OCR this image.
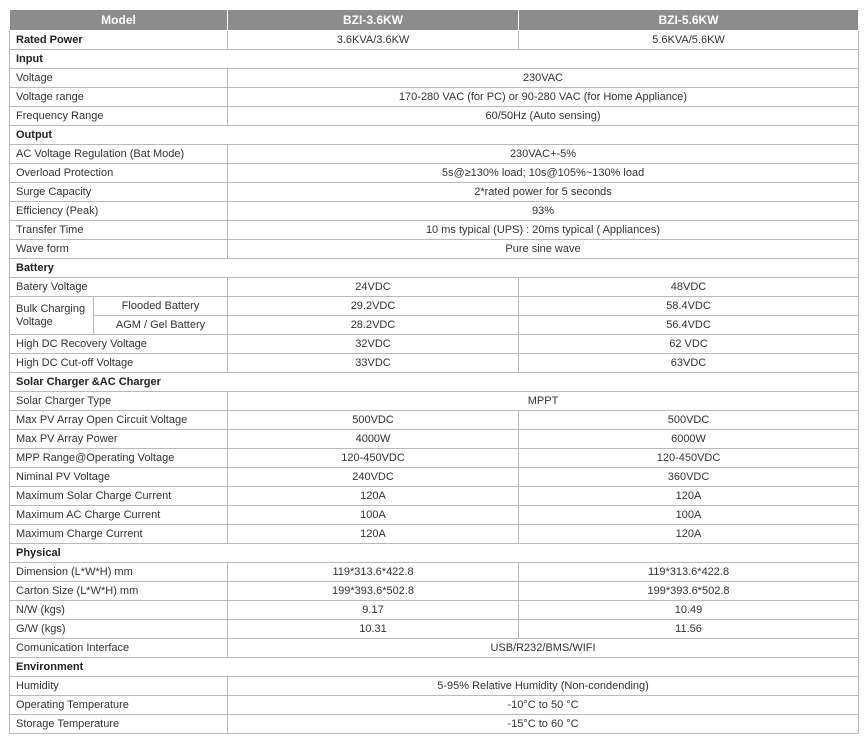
Model		BZI-3.6KW	BZI-5.6KW
Rated Power		3.6KVA/3.6KW	5.6KVA/5.6KW
Input			
Voltage		230VAC	
Voltage range		170-280 VAC (for PC) or 90-280 VAC (for Home Appliance)	
Frequency Range		60/50Hz (Auto sensing)	
Output			
AC Voltage Regulation (Bat Mode)		230VAC+-5%	
Overload Protection		5s@≥130% load; 10s@105%~130% load	
Surge Capacity		2*rated power for 5 seconds	
Efficiency (Peak)		93%	
Transfer Time		10 ms typical (UPS) : 20ms typical ( Appliances)	
Wave form		Pure sine wave	
Battery			
Batery Voltage		24VDC	48VDC
Bulk Charging Voltage	Flooded Battery	29.2VDC	58.4VDC
	AGM / Gel Battery	28.2VDC	56.4VDC
High DC Recovery Voltage		32VDC	62 VDC
High DC Cut-off Voltage		33VDC	63VDC
Solar Charger &AC Charger			
Solar Charger Type		MPPT	
Max PV Array Open Circuit Voltage		500VDC	500VDC
Max PV Array Power		4000W	6000W
MPP Range@Operating Voltage		120-450VDC	120-450VDC
Niminal PV Voltage		240VDC	360VDC
Maximum Solar Charge Current		120A	120A
Maximum AC Charge Current		100A	100A
Maximum Charge Current		120A	120A
Physical			
Dimension (L*W*H) mm		119*313.6*422.8	119*313.6*422.8
Carton Size (L*W*H) mm		199*393.6*502.8	199*393.6*502.8
N/W (kgs)		9.17	10.49
G/W (kgs)		10.31	11.56
Comunication Interface		USB/R232/BMS/WIFI	
Environment			
Humidity		5-95% Relative Humidity (Non-condending)	
Operating Temperature		-10°C to 50 °C	
Storage Temperature		-15°C to 60 °C	
